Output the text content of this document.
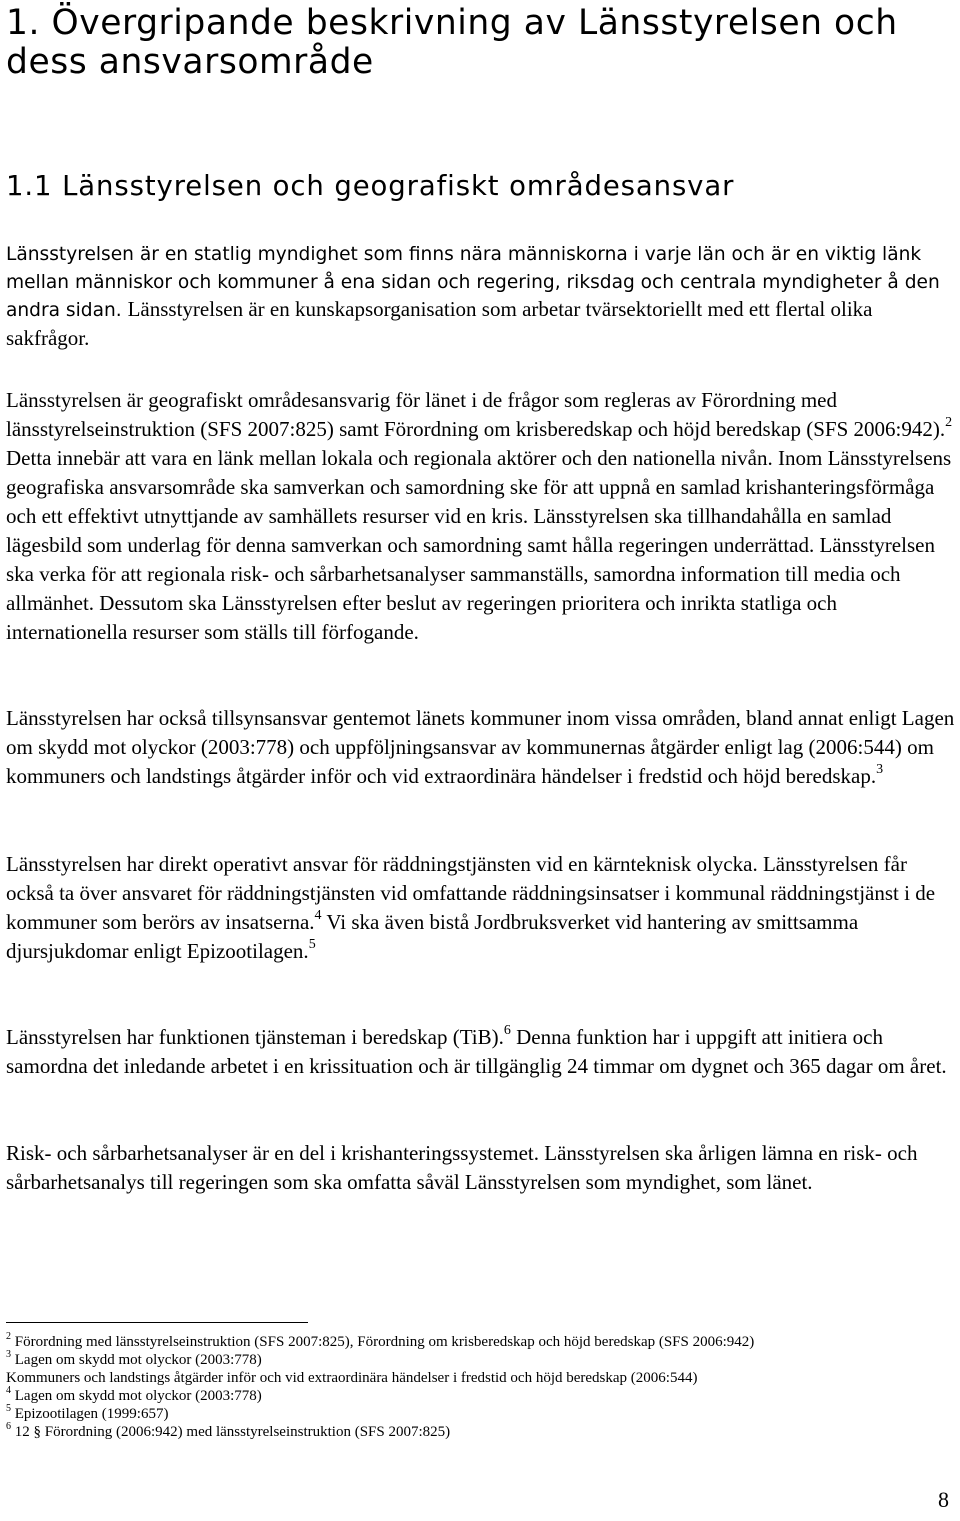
1. Övergripande beskrivning av Länsstyrelsen och dess ansvarsområde
1.1 Länsstyrelsen och geografiskt områdesansvar

Länsstyrelsen är en statlig myndighet som finns nära människorna i varje län och är en viktig länk mellan människor och kommuner å ena sidan och regering, riksdag och centrala myndigheter å den andra sidan. Länsstyrelsen är en kunskapsorganisation som arbetar tvärsektoriellt med ett flertal olika sakfrågor.

Länsstyrelsen är geografiskt områdesansvarig för länet i de frågor som regleras av Förordning med länsstyrelseinstruktion (SFS 2007:825) samt Förordning om krisberedskap och höjd beredskap (SFS 2006:942).$^2$ Detta innebär att vara en länk mellan lokala och regionala aktörer och den nationella nivån. Inom Länsstyrelsens geografiska ansvarsområde ska samverkan och samordning ske för att uppnå en samlad krishanteringsförmåga och ett effektivt utnyttjande av samhällets resurser vid en kris. Länsstyrelsen ska tillhandahålla en samlad lägesbild som underlag för denna samverkan och samordning samt hålla regeringen underrättad. Länsstyrelsen ska verka för att regionala risk- och sårbarhetsanalyser sammanställs, samordna information till media och allmänhet. Dessutom ska Länsstyrelsen efter beslut av regeringen prioritera och inrikta statliga och internationella resurser som ställs till förfogande.

Länsstyrelsen har också tillsynsansvar gentemot länets kommuner inom vissa områden, bland annat enligt Lagen om skydd mot olyckor (2003:778) och uppföljningsansvar av kommunernas åtgärder enligt lag (2006:544) om kommuners och landstings åtgärder inför och vid extraordinära händelser i fredstid och höjd beredskap.$^3$

Länsstyrelsen har direkt operativt ansvar för räddningstjänsten vid en kärnteknisk olycka. Länsstyrelsen får också ta över ansvaret för räddningstjänsten vid omfattande räddningsinsatser i kommunal räddningstjänst i de kommuner som berörs av insatserna.$^4$ Vi ska även bistå Jordbruksverket vid hantering av smittsamma djursjukdomar enligt Epizootilagen.$^5$

Länsstyrelsen har funktionen tjänsteman i beredskap (TiB).$^6$ Denna funktion har i uppgift att initiera och samordna det inledande arbetet i en krissituation och är tillgänglig 24 timmar om dygnet och 365 dagar om året.

Risk- och sårbarhetsanalyser är en del i krishanteringssystemet. Länsstyrelsen ska årligen lämna en risk- och sårbarhetsanalys till regeringen som ska omfatta såväl Länsstyrelsen som myndighet, som länet.

$^2$ Förordning med länsstyrelseinstruktion (SFS 2007:825), Förordning om krisberedskap och höjd beredskap (SFS 2006:942)
$^3$ Lagen om skydd mot olyckor (2003:778)
Kommuners och landstings åtgärder inför och vid extraordinära händelser i fredstid och höjd beredskap (2006:544)
$^4$ Lagen om skydd mot olyckor (2003:778)
$^5$ Epizootilagen (1999:657)
$^6$ 12 § Förordning (2006:942) med länsstyrelseinstruktion (SFS 2007:825)
8
